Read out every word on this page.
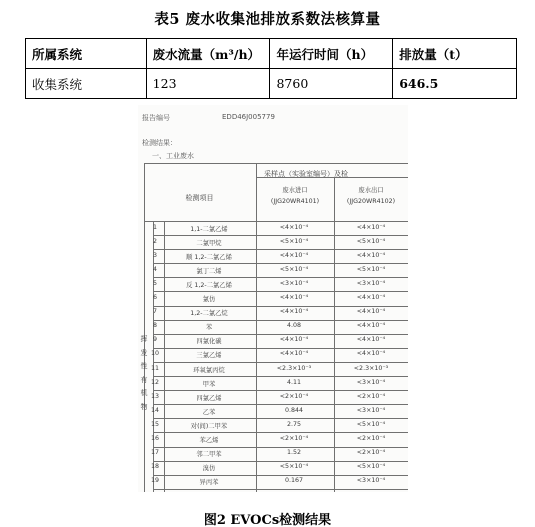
表5 废水收集池排放系数法核算量
所属系统	废水流量（m³/h）	年运行时间（h）	排放量（t）
收集系统	123	8760	646.5
报告编号	EDD46J005779
检测结果：
一、工业废水
检测项目
采样点（实验室编号）及检
废水进口
(JJG20WR4101)
废水出口
(JJG20WR4102)
挥
发
性
有
机
物
1	1,1-二氯乙烯	<4×10⁻⁴	<4×10⁻⁴
2	二氯甲烷	<5×10⁻⁴	<5×10⁻⁴
3	顺 1,2-二氯乙烯	<4×10⁻⁴	<4×10⁻⁴
4	氯丁二烯	<5×10⁻⁴	<5×10⁻⁴
5	反 1,2-二氯乙烯	<3×10⁻⁴	<3×10⁻⁴
6	氯仿	<4×10⁻⁴	<4×10⁻⁴
7	1,2-二氯乙烷	<4×10⁻⁴	<4×10⁻⁴
8	苯	4.08	<4×10⁻⁴
9	四氯化碳	<4×10⁻⁴	<4×10⁻⁴
10	三氯乙烯	<4×10⁻⁴	<4×10⁻⁴
11	环氧氯丙烷	<2.3×10⁻³	<2.3×10⁻³
12	甲苯	4.11	<3×10⁻⁴
13	四氯乙烯	<2×10⁻⁴	<2×10⁻⁴
14	乙苯	0.844	<3×10⁻⁴
15	对(间)二甲苯	2.75	<5×10⁻⁴
16	苯乙烯	<2×10⁻⁴	<2×10⁻⁴
17	邻二甲苯	1.52	<2×10⁻⁴
18	溴仿	<5×10⁻⁴	<5×10⁻⁴
19	异丙苯	0.167	<3×10⁻⁴
图2 EVOCs检测结果
